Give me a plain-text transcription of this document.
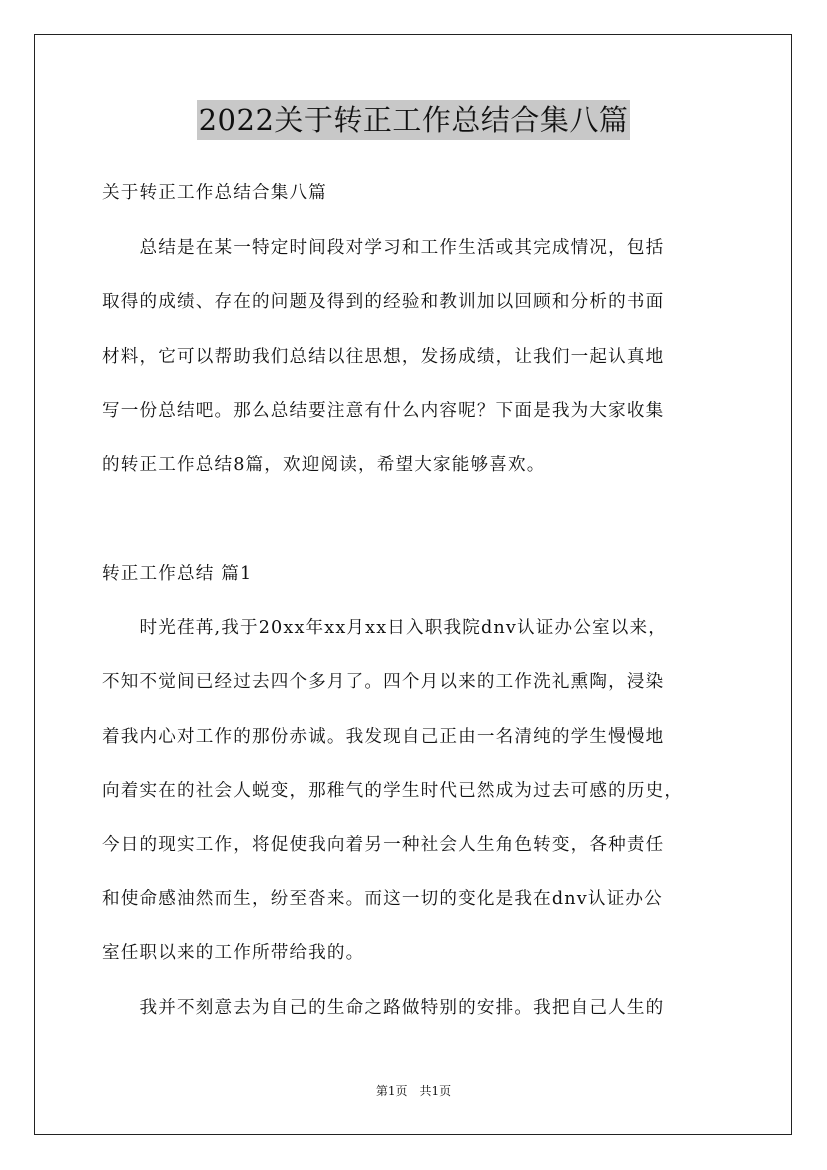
2022关于转正工作总结合集八篇
关于转正工作总结合集八篇
　　总结是在某一特定时间段对学习和工作生活或其完成情况，包括
取得的成绩、存在的问题及得到的经验和教训加以回顾和分析的书面
材料，它可以帮助我们总结以往思想，发扬成绩，让我们一起认真地
写一份总结吧。那么总结要注意有什么内容呢？下面是我为大家收集
的转正工作总结8篇，欢迎阅读，希望大家能够喜欢。
转正工作总结 篇1
　　时光荏苒,我于20xx年xx月xx日入职我院dnv认证办公室以来，
不知不觉间已经过去四个多月了。四个月以来的工作洗礼熏陶，浸染
着我内心对工作的那份赤诚。我发现自己正由一名清纯的学生慢慢地
向着实在的社会人蜕变，那稚气的学生时代已然成为过去可感的历史，
今日的现实工作，将促使我向着另一种社会人生角色转变，各种责任
和使命感油然而生，纷至沓来。而这一切的变化是我在dnv认证办公
室任职以来的工作所带给我的。
　　我并不刻意去为自己的生命之路做特别的安排。我把自己人生的
第1页　共1页
